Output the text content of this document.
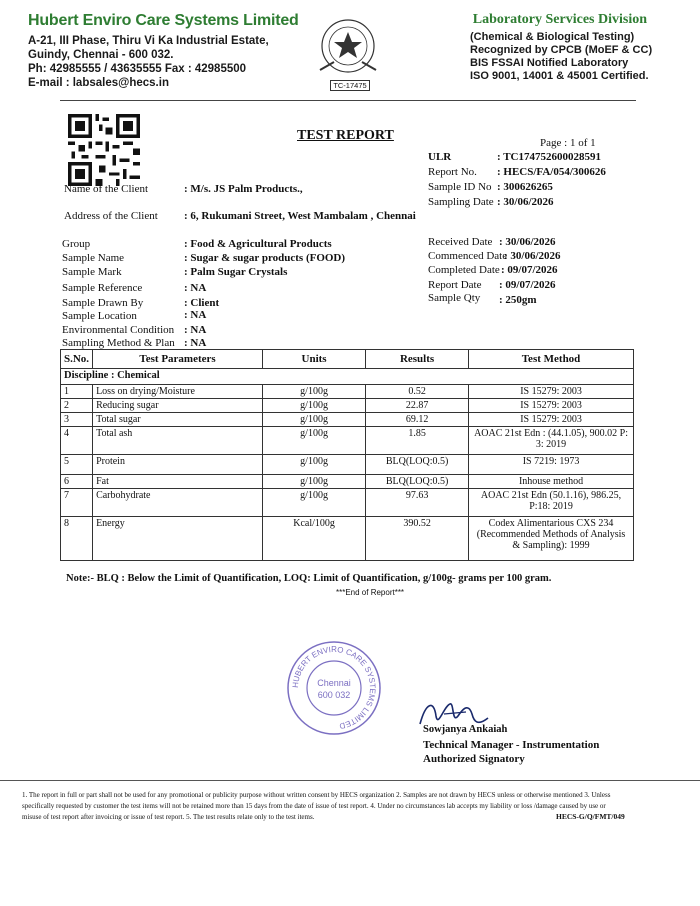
Hubert Enviro Care Systems Limited
A-21, III Phase, Thiru Vi Ka Industrial Estate,
Guindy, Chennai - 600 032.
Ph: 42985555 / 43635555 Fax : 42985500
E-mail : labsales@hecs.in	TC-17475
Laboratory Services Division
(Chemical & Biological Testing)
Recognized by CPCB (MoEF & CC)
BIS FSSAI Notified Laboratory
ISO 9001, 14001 & 45001 Certified.
TEST REPORT	Page : 1 of 1
ULR	: TC174752600028591
Report No. : HECS/FA/054/300626
Sample ID No : 300626265
Sampling Date : 30/06/2026
Received Date : 30/06/2026
Commenced Date
: 30/06/2026
Completed Date : 09/07/2026
Report Date : 09/07/2026
Sample Qty : 250gm
Name of the Client	: M/s. JS Palm Products.,
Address of the Client : 6, Rukumani Street, West Mambalam , Chennai
Group	: Food & Agricultural Products
Sample Name	: Sugar & sugar products (FOOD)
Sample Mark	: Palm Sugar Crystals
Sample Reference	: NA
Sample Drawn By	: Client
Sample Location	: NA
Environmental Condition : NA
Sampling Method & Plan : NA
S.No.	Test Parameters	Units	Results	Test Method
Discipline : Chemical				
1	Loss on drying/Moisture	g/100g	0.52	IS 15279: 2003
2	Reducing sugar	g/100g	22.87	IS 15279: 2003
3	Total sugar	g/100g	69.12	IS 15279: 2003
4	Total ash	g/100g	1.85	AOAC 21st Edn : (44.1.05), 900.02 P: 3: 2019
5	Protein	g/100g	BLQ(LOQ:0.5)	IS 7219: 1973
6	Fat	g/100g	BLQ(LOQ:0.5)	Inhouse method
7	Carbohydrate	g/100g	97.63	AOAC 21st Edn (50.1.16), 986.25, P:18: 2019
8	Energy	Kcal/100g	390.52	Codex Alimentarious CXS 234 (Recommended Methods of Analysis & Sampling): 1999
Note:- BLQ : Below the Limit of Quantification, LOQ: Limit of Quantification, g/100g- grams per 100 gram.
***End of Report***
HUBERT ENVIRO CARE SYSTEMS LIMITED
Chennai
600 032
Sowjanya Ankaiah
Technical Manager - Instrumentation
Authorized Signatory
1. The report in full or part shall not be used for any promotional or publicity purpose without written consent by HECS organization 2. Samples are not drawn by HECS unless or otherwise mentioned 3. Unless specifically requested by customer the test items will not be retained more than 15 days from the date of issue of test report. 4. Under no circumstances lab accepts my liability or loss /damage caused by use or misuse of test report after invoicing or issue of test report. 5. The test results relate only to the test items.	HECS-G/Q/FMT/049
